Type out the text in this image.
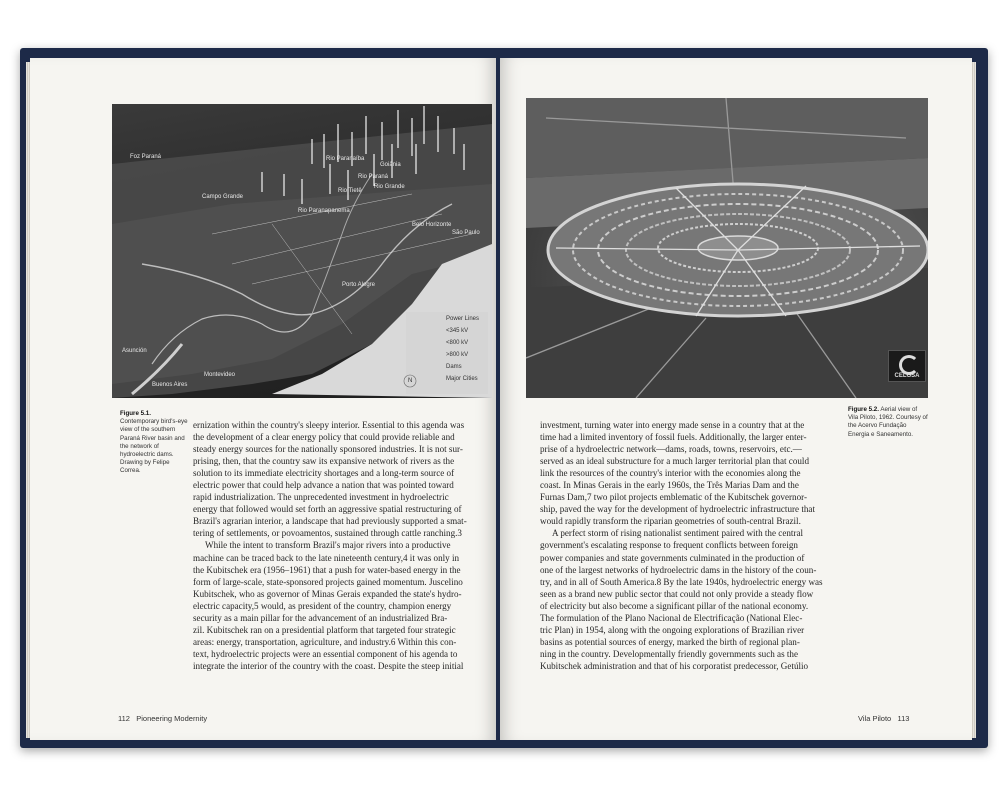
Foz Paraná
Rio Paraná
Rio Paranapanema
Rio Grande
Rio Tietê
Campo Grande
Goiânia
Belo Horizonte
São Paulo
Porto Alegre
Montevideo
Buenos Aires
Asunción
Rio Paranaíba
Power Lines
<345 kV
<800 kV
>800 kV
Dams
Major Cities
N
CELGSA
Figure 5.1. Contemporary bird's-eye view of the southern Paraná River basin and the network of hydroelectric dams. Drawing by Felipe Correa.
Figure 5.2. Aerial view of Vila Piloto, 1962. Courtesy of the Acervo Fundação Energia e Saneamento.
ernization within the country's sleepy interior. Essential to this agenda was
the development of a clear energy policy that could provide reliable and
steady energy sources for the nationally sponsored industries. It is not sur-
prising, then, that the country saw its expansive network of rivers as the
solution to its immediate electricity shortages and a long-term source of
electric power that could help advance a nation that was pointed toward
rapid industrialization. The unprecedented investment in hydroelectric
energy that followed would set forth an aggressive spatial restructuring of
Brazil's agrarian interior, a landscape that had previously supported a smat-
tering of settlements, or povoamentos, sustained through cattle ranching.3
While the intent to transform Brazil's major rivers into a productive
machine can be traced back to the late nineteenth century,4 it was only in
the Kubitschek era (1956–1961) that a push for water-based energy in the
form of large-scale, state-sponsored projects gained momentum. Juscelino
Kubitschek, who as governor of Minas Gerais expanded the state's hydro-
electric capacity,5 would, as president of the country, champion energy
security as a main pillar for the advancement of an industrialized Bra-
zil. Kubitschek ran on a presidential platform that targeted four strategic
areas: energy, transportation, agriculture, and industry.6 Within this con-
text, hydroelectric projects were an essential component of his agenda to
integrate the interior of the country with the coast. Despite the steep initial
investment, turning water into energy made sense in a country that at the
time had a limited inventory of fossil fuels. Additionally, the larger enter-
prise of a hydroelectric network—dams, roads, towns, reservoirs, etc.—
served as an ideal substructure for a much larger territorial plan that could
link the resources of the country's interior with the economies along the
coast. In Minas Gerais in the early 1960s, the Três Marias Dam and the
Furnas Dam,7 two pilot projects emblematic of the Kubitschek governor-
ship, paved the way for the development of hydroelectric infrastructure that
would rapidly transform the riparian geometries of south-central Brazil.
A perfect storm of rising nationalist sentiment paired with the central
government's escalating response to frequent conflicts between foreign
power companies and state governments culminated in the production of
one of the largest networks of hydroelectric dams in the history of the coun-
try, and in all of South America.8 By the late 1940s, hydroelectric energy was
seen as a brand new public sector that could not only provide a steady flow
of electricity but also become a significant pillar of the national economy.
The formulation of the Plano Nacional de Electrificação (National Elec-
tric Plan) in 1954, along with the ongoing explorations of Brazilian river
basins as potential sources of energy, marked the birth of regional plan-
ning in the country. Developmentally friendly governments such as the
Kubitschek administration and that of his corporatist predecessor, Getúlio
112 Pioneering Modernity	Vila Piloto 113
